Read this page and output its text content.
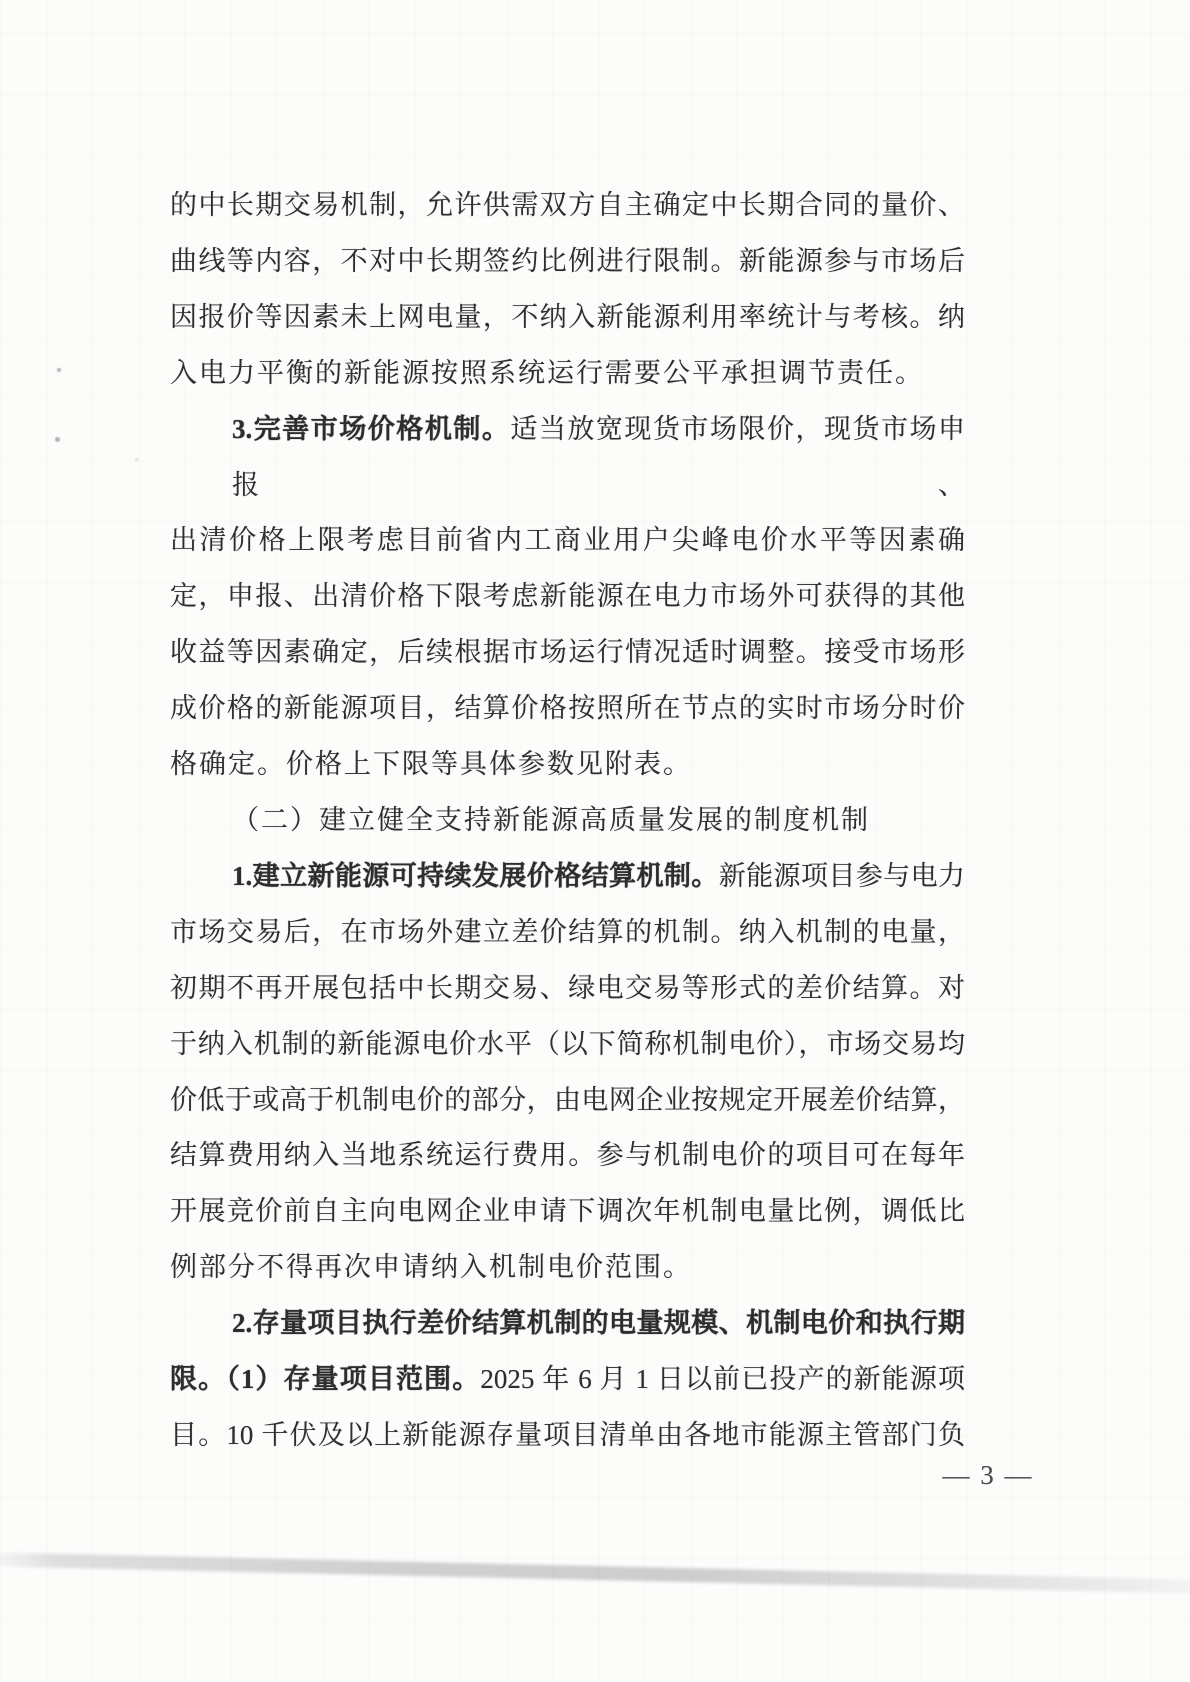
的中长期交易机制，允许供需双方自主确定中长期合同的量价、
曲线等内容，不对中长期签约比例进行限制。新能源参与市场后
因报价等因素未上网电量，不纳入新能源利用率统计与考核。纳
入电力平衡的新能源按照系统运行需要公平承担调节责任。
3.完善市场价格机制。适当放宽现货市场限价，现货市场申报、
出清价格上限考虑目前省内工商业用户尖峰电价水平等因素确
定，申报、出清价格下限考虑新能源在电力市场外可获得的其他
收益等因素确定，后续根据市场运行情况适时调整。接受市场形
成价格的新能源项目，结算价格按照所在节点的实时市场分时价
格确定。价格上下限等具体参数见附表。
（二）建立健全支持新能源高质量发展的制度机制
1.建立新能源可持续发展价格结算机制。新能源项目参与电力
市场交易后，在市场外建立差价结算的机制。纳入机制的电量，
初期不再开展包括中长期交易、绿电交易等形式的差价结算。对
于纳入机制的新能源电价水平（以下简称机制电价），市场交易均
价低于或高于机制电价的部分，由电网企业按规定开展差价结算，
结算费用纳入当地系统运行费用。参与机制电价的项目可在每年
开展竞价前自主向电网企业申请下调次年机制电量比例，调低比
例部分不得再次申请纳入机制电价范围。
2.存量项目执行差价结算机制的电量规模、机制电价和执行期
限。（1）存量项目范围。2025 年 6 月 1 日以前已投产的新能源项
目。10 千伏及以上新能源存量项目清单由各地市能源主管部门负
— 3 —
